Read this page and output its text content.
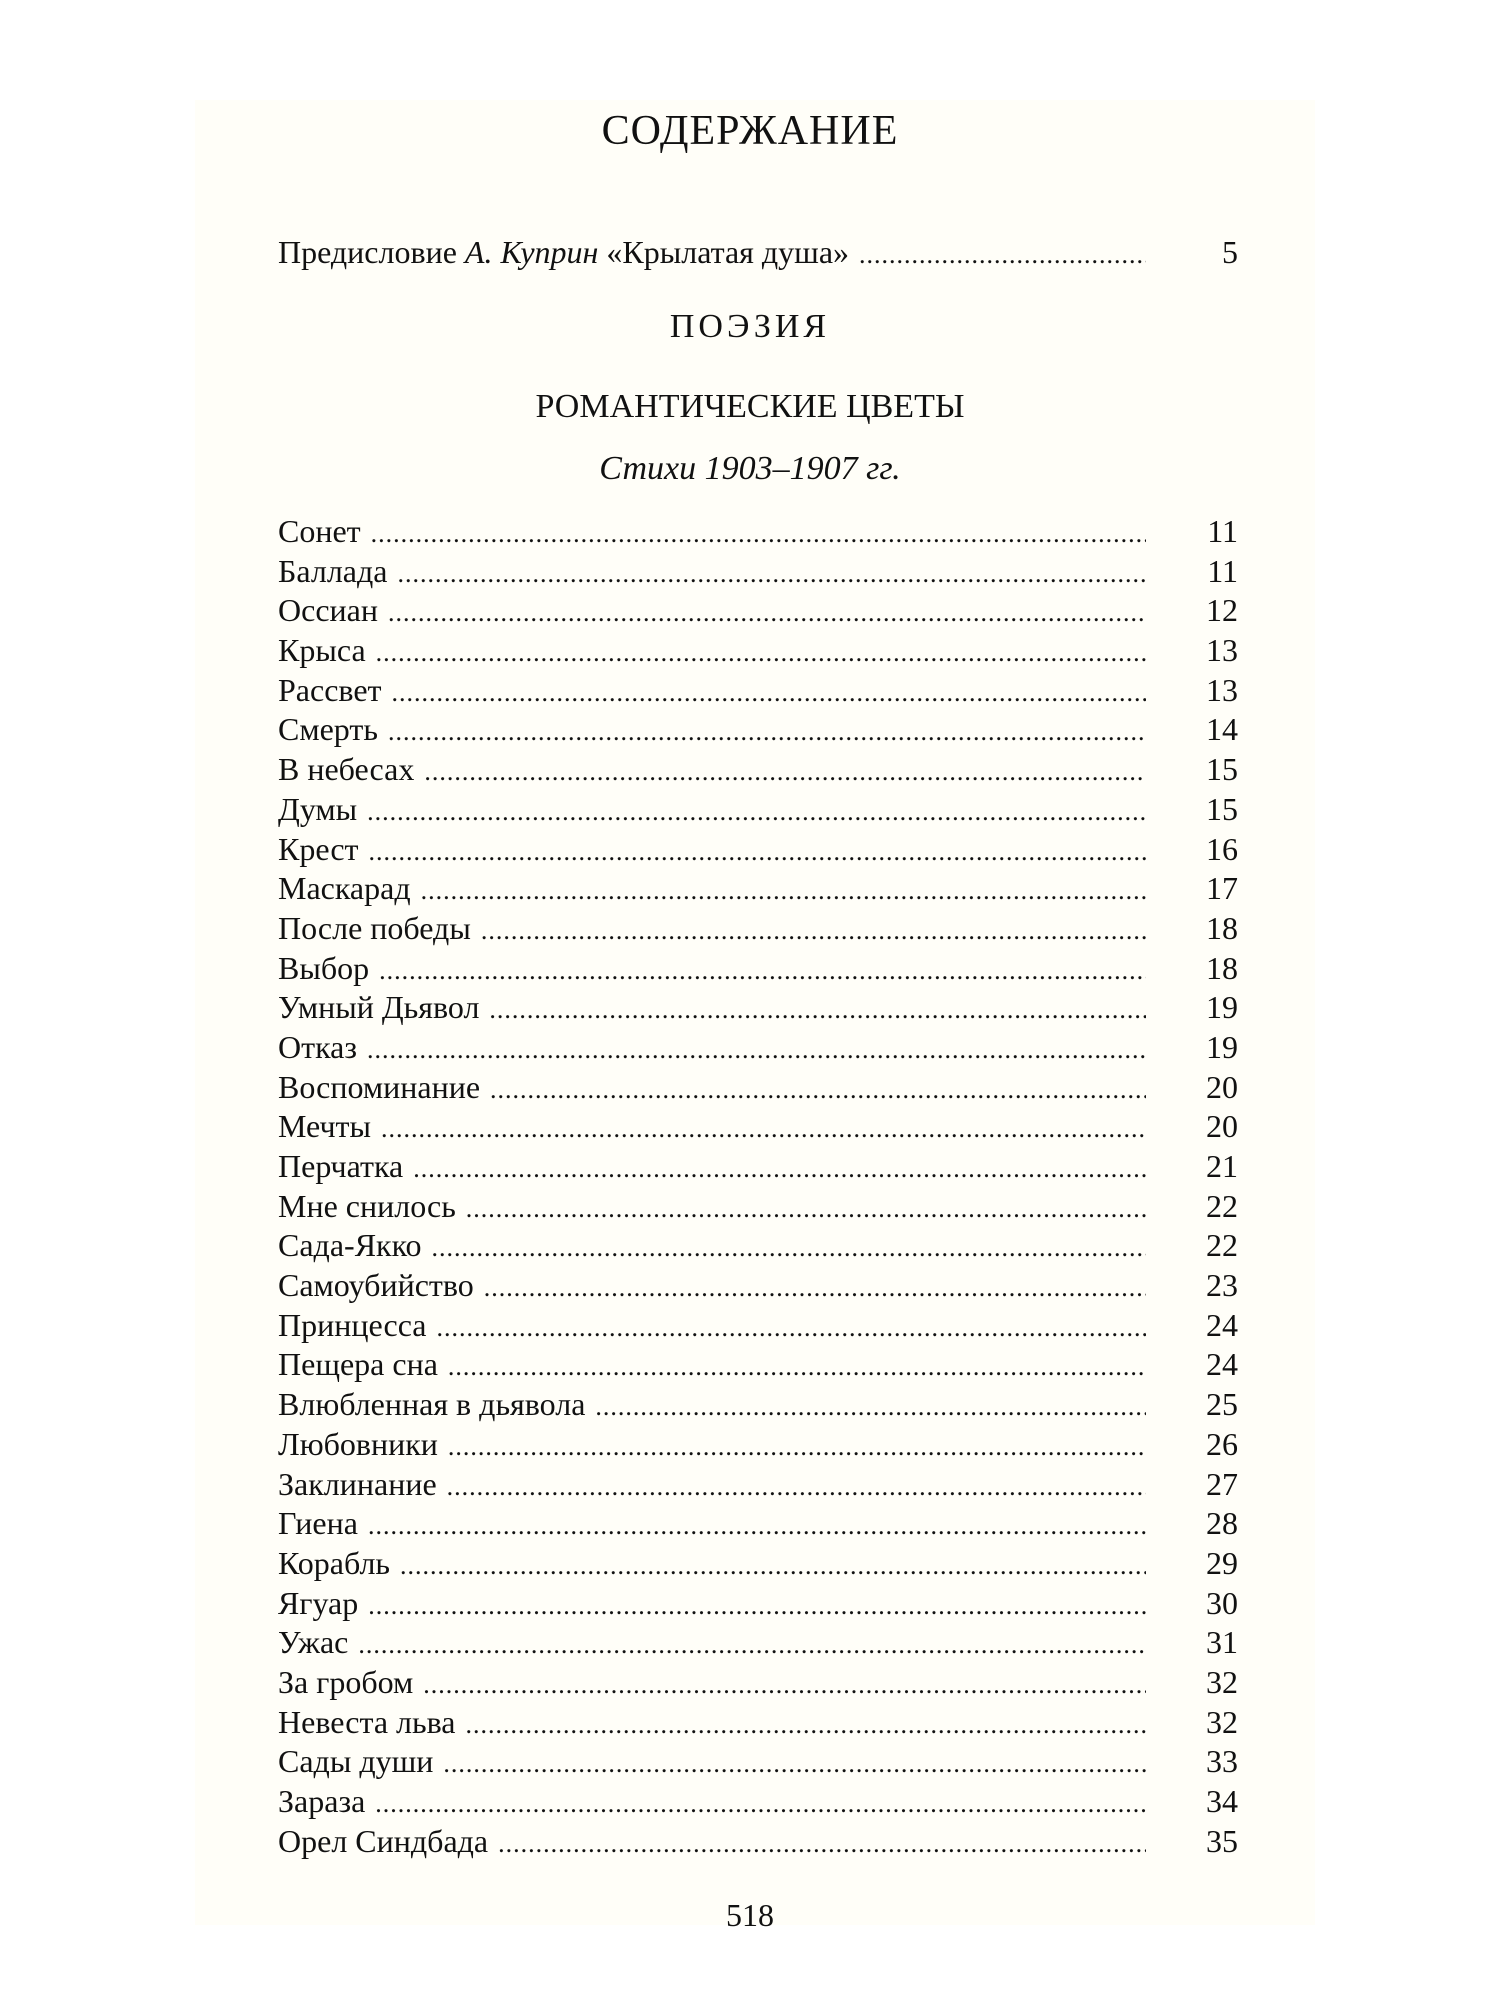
СОДЕРЖАНИЕ
Предисловие А. Куприн «Крылатая душа» .....	5
ПОЭЗИЯ
РОМАНТИЧЕСКИЕ ЦВЕТЫ
Стихи 1903–1907 гг.
Сонет .....	11
Баллада .....	11
Оссиан .....	12
Крыса .....	13
Рассвет .....	13
Смерть .....	14
В небесах .....	15
Думы .....	15
Крест .....	16
Маскарад .....	17
После победы .....	18
Выбор .....	18
Умный Дьявол .....	19
Отказ .....	19
Воспоминание .....	20
Мечты .....	20
Перчатка .....	21
Мне снилось .....	22
Сада-Якко .....	22
Самоубийство .....	23
Принцесса .....	24
Пещера сна .....	24
Влюбленная в дьявола .....	25
Любовники .....	26
Заклинание .....	27
Гиена .....	28
Корабль .....	29
Ягуар .....	30
Ужас .....	31
За гробом .....	32
Невеста льва .....	32
Сады души .....	33
Зараза .....	34
Орел Синдбада .....	35
518
